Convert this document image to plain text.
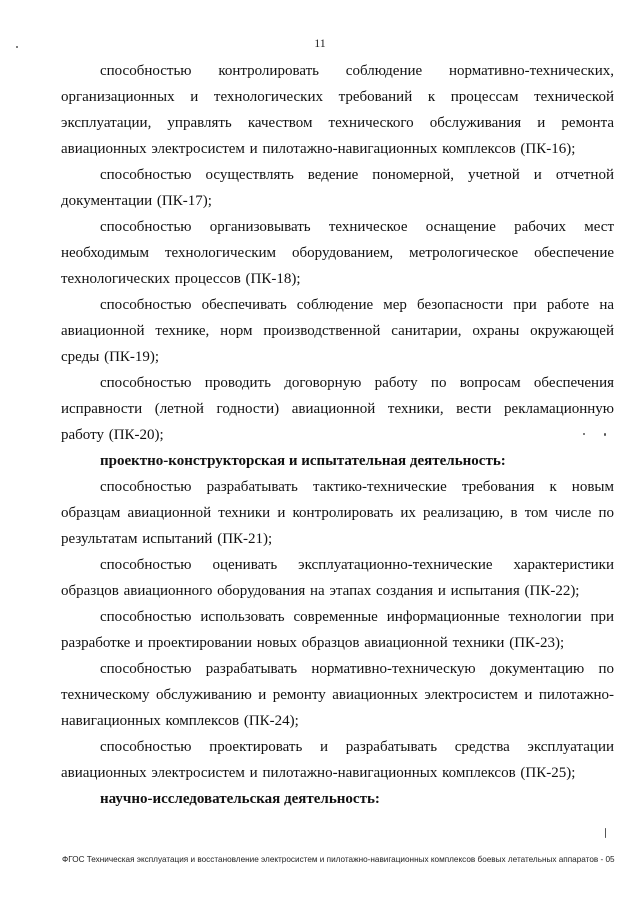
11

способностью контролировать соблюдение нормативно-технических, организационных и технологических требований к процессам технической эксплуатации, управлять качеством технического обслуживания и ремонта авиационных электросистем и пилотажно-навигационных комплексов (ПК-16);

способностью осуществлять ведение пономерной, учетной и отчетной документации (ПК-17);

способностью организовывать техническое оснащение рабочих мест необходимым технологическим оборудованием, метрологическое обеспечение технологических процессов (ПК-18);

способностью обеспечивать соблюдение мер безопасности при работе на авиационной технике, норм производственной санитарии, охраны окружающей среды (ПК-19);

способностью проводить договорную работу по вопросам обеспечения исправности (летной годности) авиационной техники, вести рекламационную работу (ПК-20);

проектно-конструкторская и испытательная деятельность:

способностью разрабатывать тактико-технические требования к новым образцам авиационной техники и контролировать их реализацию, в том числе по результатам испытаний (ПК-21);

способностью оценивать эксплуатационно-технические характеристики образцов авиационного оборудования на этапах создания и испытания (ПК-22);

способностью использовать современные информационные технологии при разработке и проектировании новых образцов авиационной техники (ПК-23);

способностью разрабатывать нормативно-техническую документацию по техническому обслуживанию и ремонту авиационных электросистем и пилотажно-навигационных комплексов (ПК-24);

способностью проектировать и разрабатывать средства эксплуатации авиационных электросистем и пилотажно-навигационных комплексов (ПК-25);

научно-исследовательская деятельность:

ФГОС Техническая эксплуатация и восстановление электросистем и пилотажно-навигационных комплексов боевых летательных аппаратов - 05
